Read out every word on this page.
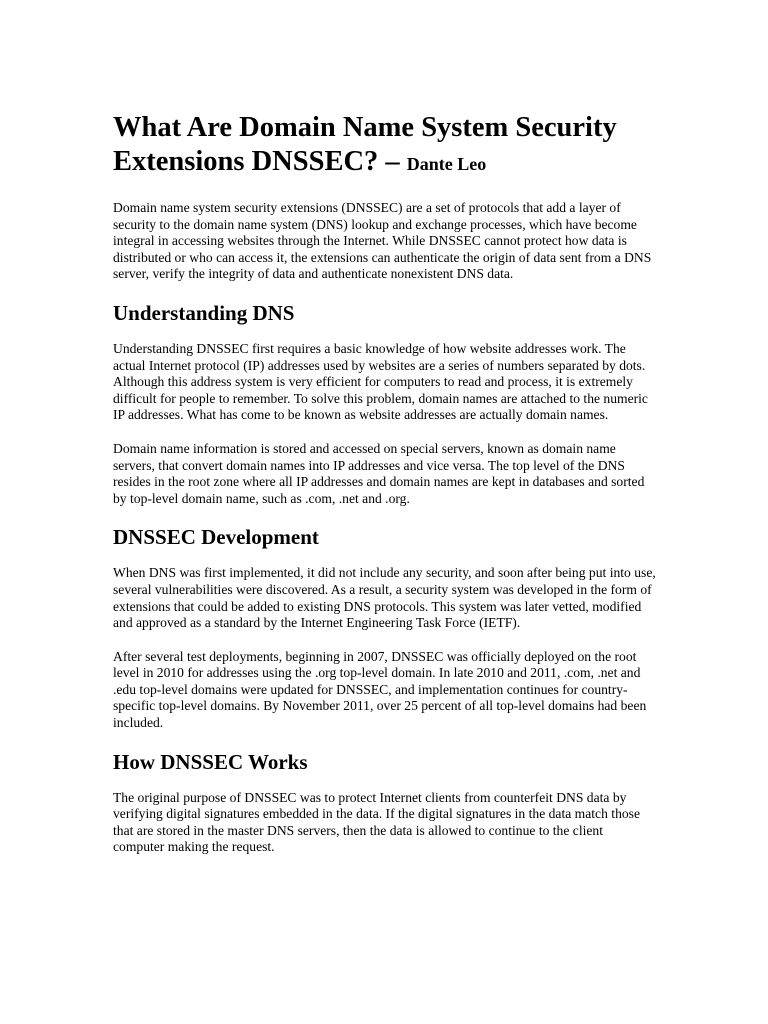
What Are Domain Name System Security Extensions DNSSEC? – Dante Leo

Domain name system security extensions (DNSSEC) are a set of protocols that add a layer of security to the domain name system (DNS) lookup and exchange processes, which have become integral in accessing websites through the Internet. While DNSSEC cannot protect how data is distributed or who can access it, the extensions can authenticate the origin of data sent from a DNS server, verify the integrity of data and authenticate nonexistent DNS data.

Understanding DNS

Understanding DNSSEC first requires a basic knowledge of how website addresses work. The actual Internet protocol (IP) addresses used by websites are a series of numbers separated by dots. Although this address system is very efficient for computers to read and process, it is extremely difficult for people to remember. To solve this problem, domain names are attached to the numeric IP addresses. What has come to be known as website addresses are actually domain names.

Domain name information is stored and accessed on special servers, known as domain name servers, that convert domain names into IP addresses and vice versa. The top level of the DNS resides in the root zone where all IP addresses and domain names are kept in databases and sorted by top-level domain name, such as .com, .net and .org.

DNSSEC Development

When DNS was first implemented, it did not include any security, and soon after being put into use, several vulnerabilities were discovered. As a result, a security system was developed in the form of extensions that could be added to existing DNS protocols. This system was later vetted, modified and approved as a standard by the Internet Engineering Task Force (IETF).

After several test deployments, beginning in 2007, DNSSEC was officially deployed on the root level in 2010 for addresses using the .org top-level domain. In late 2010 and 2011, .com, .net and .edu top-level domains were updated for DNSSEC, and implementation continues for country-specific top-level domains. By November 2011, over 25 percent of all top-level domains had been included.

How DNSSEC Works

The original purpose of DNSSEC was to protect Internet clients from counterfeit DNS data by verifying digital signatures embedded in the data. If the digital signatures in the data match those that are stored in the master DNS servers, then the data is allowed to continue to the client computer making the request.
